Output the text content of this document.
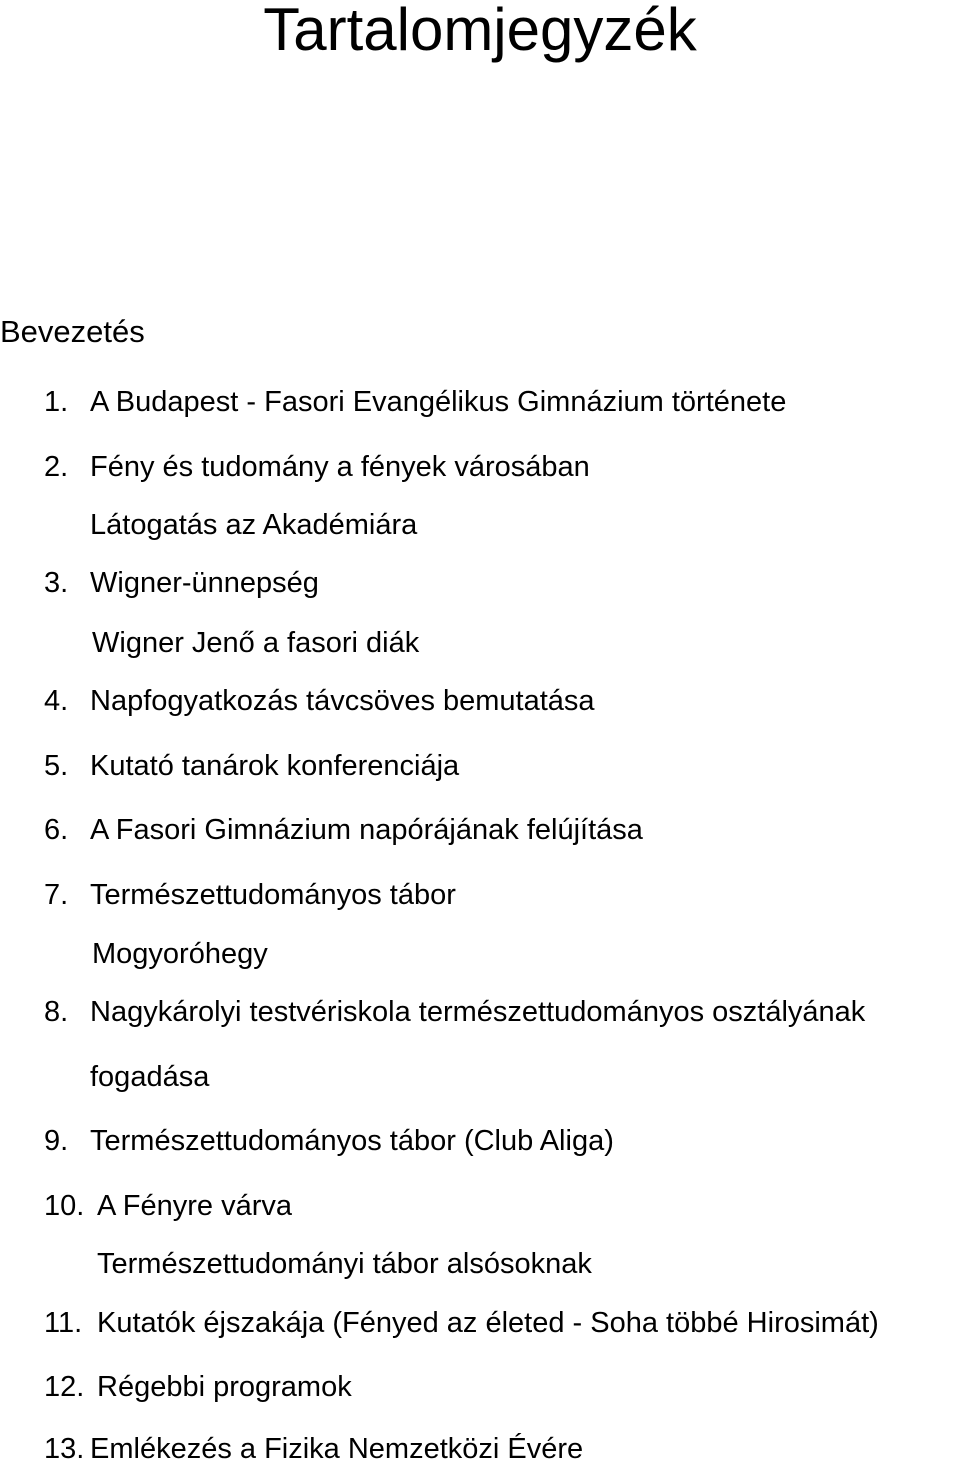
Tartalomjegyzék
Bevezetés
1. A Budapest - Fasori Evangélikus Gimnázium története
2. Fény és tudomány a fények városában
Látogatás az Akadémiára
3. Wigner-ünnepség
Wigner Jenő a fasori diák
4. Napfogyatkozás távcsöves bemutatása
5. Kutató tanárok konferenciája
6. A Fasori Gimnázium napórájának felújítása
7. Természettudományos tábor
Mogyoróhegy
8. Nagykárolyi testvériskola természettudományos osztályának
fogadása
9. Természettudományos tábor (Club Aliga)
10. A Fényre várva
Természettudományi tábor alsósoknak
11. Kutatók éjszakája (Fényed az életed - Soha többé Hirosimát)
12. Régebbi programok
13. Emlékezés a Fizika Nemzetközi Évére
